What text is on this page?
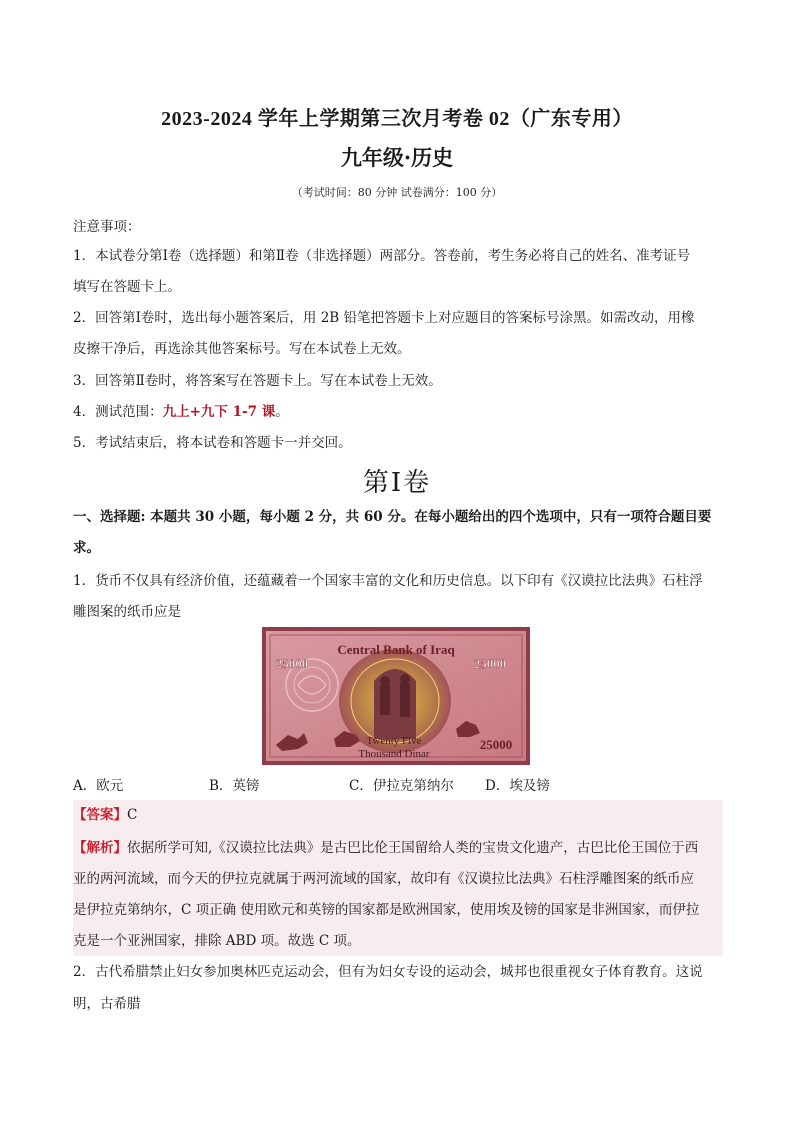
2023-2024 学年上学期第三次月考卷 02（广东专用）
九年级·历史
（考试时间：80 分钟 试卷满分：100 分）
注意事项：
1．本试卷分第Ⅰ卷（选择题）和第Ⅱ卷（非选择题）两部分。答卷前，考生务必将自己的姓名、准考证号
填写在答题卡上。
2．回答第Ⅰ卷时，选出每小题答案后，用 2B 铅笔把答题卡上对应题目的答案标号涂黑。如需改动，用橡
皮擦干净后，再选涂其他答案标号。写在本试卷上无效。
3．回答第Ⅱ卷时，将答案写在答题卡上。写在本试卷上无效。
4．测试范围：九上+九下 1-7 课。
5．考试结束后，将本试卷和答题卡一并交回。
第Ⅰ卷
一、选择题: 本题共 30 小题，每小题 2 分，共 60 分。在每小题给出的四个选项中，只有一项符合题目要
求。
1．货币不仅具有经济价值，还蕴藏着一个国家丰富的文化和历史信息。以下印有《汉谟拉比法典》石柱浮
雕图案的纸币应是
Central Bank of Iraq
25000	25000
Twenty Five
Thousand Dinar
25000
A．欧元	B．英镑	C．伊拉克第纳尔 D．埃及镑
【答案】C
【解析】依据所学可知,《汉谟拉比法典》是古巴比伦王国留给人类的宝贵文化遗产，古巴比伦王国位于西
亚的两河流域，而今天的伊拉克就属于两河流域的国家，故印有《汉谟拉比法典》石柱浮雕图案的纸币应
是伊拉克第纳尔，C 项正确 使用欧元和英镑的国家都是欧洲国家，使用埃及镑的国家是非洲国家，而伊拉
克是一个亚洲国家，排除 ABD 项。故选 C 项。
2．古代希腊禁止妇女参加奥林匹克运动会，但有为妇女专设的运动会，城邦也很重视女子体育教育。这说
明，古希腊
